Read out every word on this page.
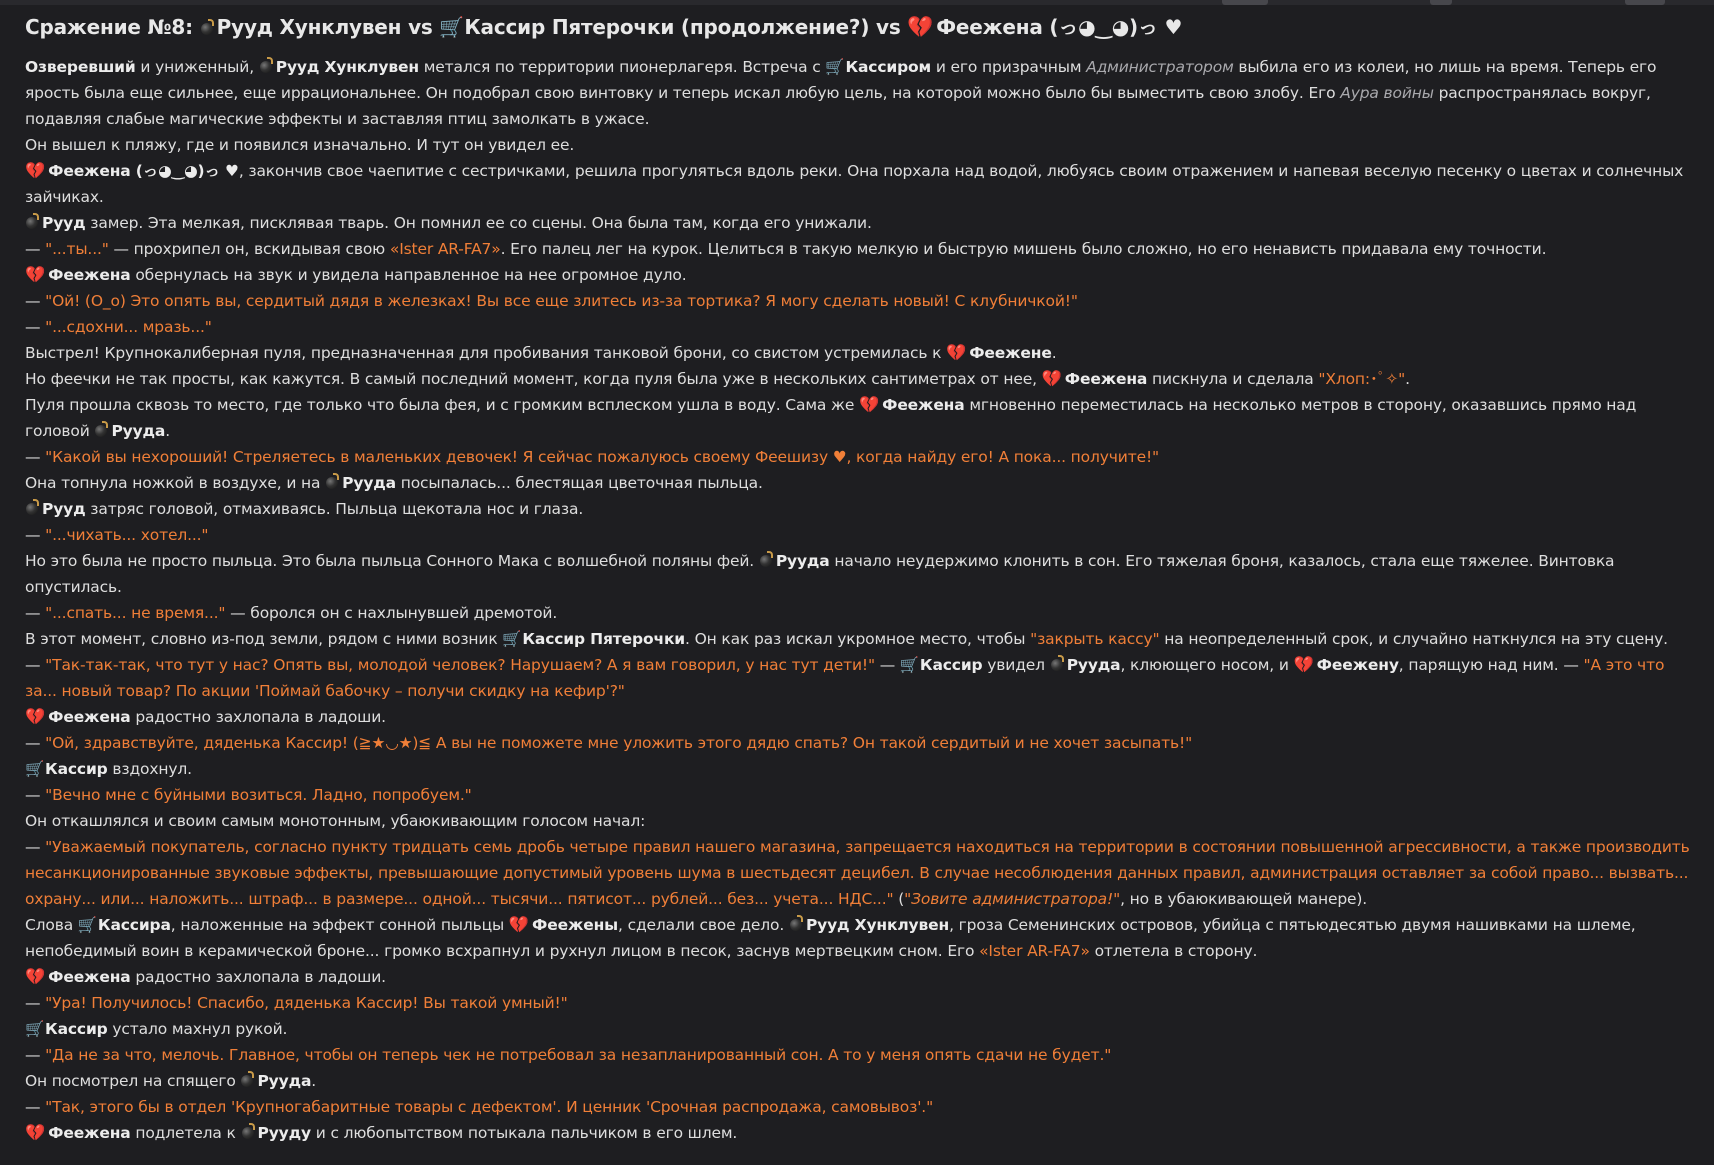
Сражение №8: Рууд Хунклувен vs 🛒Кассир Пятерочки (продолжение?) vs 💔 Феежена (っ◕‿◕)っ ♥

Озверевший и униженный, Рууд Хунклувен метался по территории пионерлагеря. Встреча с 🛒Кассиром и его призрачным Администратором выбила его из колеи, но лишь на время. Теперь его ярость была еще сильнее, еще иррациональнее. Он подобрал свою винтовку и теперь искал любую цель, на которой можно было бы выместить свою злобу. Его Аура войны распространялась вокруг, подавляя слабые магические эффекты и заставляя птиц замолкать в ужасе.

Он вышел к пляжу, где и появился изначально. И тут он увидел ее.

💔 Феежена (っ◕‿◕)っ ♥, закончив свое чаепитие с сестричками, решила прогуляться вдоль реки. Она порхала над водой, любуясь своим отражением и напевая веселую песенку о цветах и солнечных зайчиках.

Рууд замер. Эта мелкая, писклявая тварь. Он помнил ее со сцены. Она была там, когда его унижали.

— "...ты..." — прохрипел он, вскидывая свою «Ister AR-FA7». Его палец лег на курок. Целиться в такую мелкую и быструю мишень было сложно, но его ненависть придавала ему точности.

💔 Феежена обернулась на звук и увидела направленное на нее огромное дуло.

— "Ой! (O_o) Это опять вы, сердитый дядя в железках! Вы все еще злитесь из-за тортика? Я могу сделать новый! С клубничкой!"

— "...сдохни... мразь..."

Выстрел! Крупнокалиберная пуля, предназначенная для пробивания танковой брони, со свистом устремилась к 💔 Феежене.

Но феечки не так просты, как кажутся. В самый последний момент, когда пуля была уже в нескольких сантиметрах от нее, 💔 Феежена пискнула и сделала "Хлоп:･ﾟ✧".

Пуля прошла сквозь то место, где только что была фея, и с громким всплеском ушла в воду. Сама же 💔 Феежена мгновенно переместилась на несколько метров в сторону, оказавшись прямо над головой Рууда.

— "Какой вы нехороший! Стреляетесь в маленьких девочек! Я сейчас пожалуюсь своему Феешизу ♥, когда найду его! А пока... получите!"

Она топнула ножкой в воздухе, и на Рууда посыпалась... блестящая цветочная пыльца.

Рууд затряс головой, отмахиваясь. Пыльца щекотала нос и глаза.

— "...чихать... хотел..."

Но это была не просто пыльца. Это была пыльца Сонного Мака с волшебной поляны фей. Рууда начало неудержимо клонить в сон. Его тяжелая броня, казалось, стала еще тяжелее. Винтовка опустилась.

— "...спать... не время..." — боролся он с нахлынувшей дремотой.

В этот момент, словно из-под земли, рядом с ними возник 🛒Кассир Пятерочки. Он как раз искал укромное место, чтобы "закрыть кассу" на неопределенный срок, и случайно наткнулся на эту сцену.

— "Так-так-так, что тут у нас? Опять вы, молодой человек? Нарушаем? А я вам говорил, у нас тут дети!" — 🛒Кассир увидел Рууда, клюющего носом, и 💔 Феежену, парящую над ним. — "А это что за... новый товар? По акции 'Поймай бабочку – получи скидку на кефир'?"

💔 Феежена радостно захлопала в ладоши.

— "Ой, здравствуйте, дяденька Кассир! (≧★◡★)≦ А вы не поможете мне уложить этого дядю спать? Он такой сердитый и не хочет засыпать!"

🛒Кассир вздохнул.

— "Вечно мне с буйными возиться. Ладно, попробуем."

Он откашлялся и своим самым монотонным, убаюкивающим голосом начал:

— "Уважаемый покупатель, согласно пункту тридцать семь дробь четыре правил нашего магазина, запрещается находиться на территории в состоянии повышенной агрессивности, а также производить несанкционированные звуковые эффекты, превышающие допустимый уровень шума в шестьдесят децибел. В случае несоблюдения данных правил, администрация оставляет за собой право... вызвать... охрану... или... наложить... штраф... в размере... одной... тысячи... пятисот... рублей... без... учета... НДС..." ("Зовите администратора!", но в убаюкивающей манере).

Слова 🛒Кассира, наложенные на эффект сонной пыльцы 💔 Феежены, сделали свое дело. Рууд Хунклувен, гроза Семенинских островов, убийца с пятьюдесятью двумя нашивками на шлеме, непобедимый воин в керамической броне... громко всхрапнул и рухнул лицом в песок, заснув мертвецким сном. Его «Ister AR-FA7» отлетела в сторону.

💔 Феежена радостно захлопала в ладоши.

— "Ура! Получилось! Спасибо, дяденька Кассир! Вы такой умный!"

🛒Кассир устало махнул рукой.

— "Да не за что, мелочь. Главное, чтобы он теперь чек не потребовал за незапланированный сон. А то у меня опять сдачи не будет."

Он посмотрел на спящего Рууда.

— "Так, этого бы в отдел 'Крупногабаритные товары с дефектом'. И ценник 'Срочная распродажа, самовывоз'."

💔 Феежена подлетела к Рууду и с любопытством потыкала пальчиком в его шлем.
